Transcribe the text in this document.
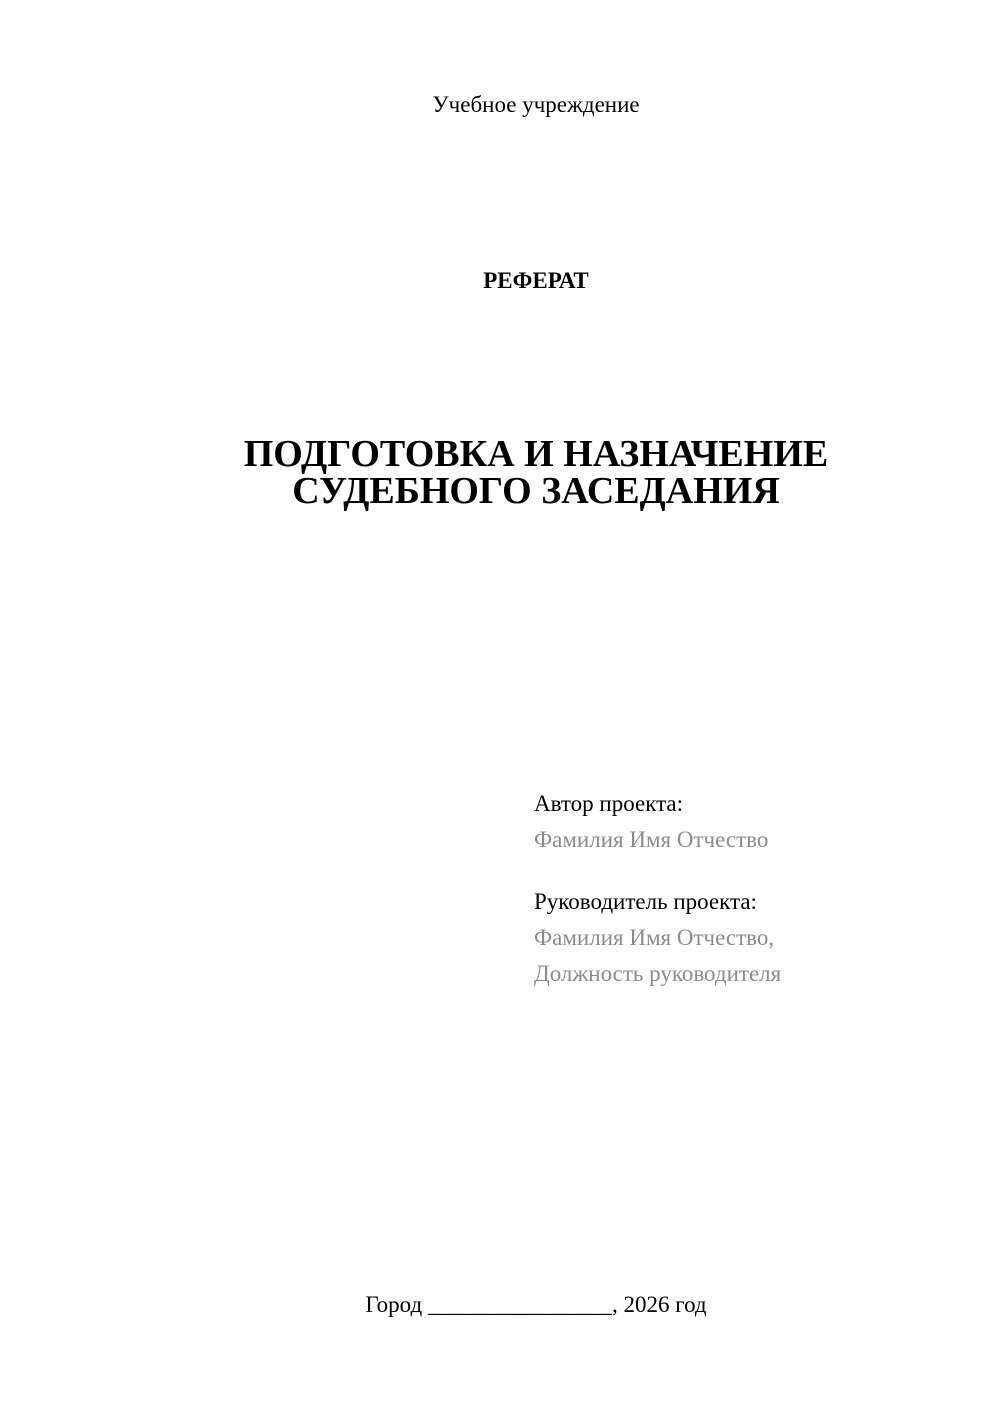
Учебное учреждение
РЕФЕРАТ
ПОДГОТОВКА И НАЗНАЧЕНИЕ
СУДЕБНОГО ЗАСЕДАНИЯ
Автор проекта:
Фамилия Имя Отчество
Руководитель проекта:
Фамилия Имя Отчество,
Должность руководителя
Город ________________, 2026 год
